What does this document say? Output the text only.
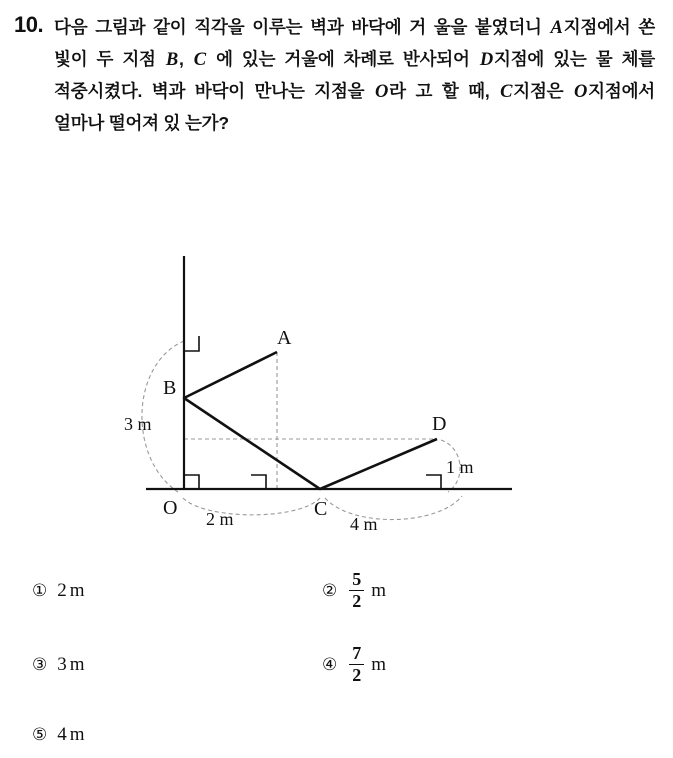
10. 다음 그림과 같이 직각을 이루는 벽과 바닥에 거 울을 붙였더니 A지점에서 쏜 빛이 두 지점 B, C 에 있는 거울에 차례로 반사되어 D지점에 있는 물 체를 적중시켰다. 벽과 바닥이 만나는 지점을 O라 고 할 때, C지점은 O지점에서 얼마나 떨어져 있 는가?
A
B
C
D
O
3 m
2 m	4 m
1 m
① 2 m	② $\frac{5}{2}$ m
③ 3 m	④ $\frac{7}{2}$ m
⑤ 4 m
